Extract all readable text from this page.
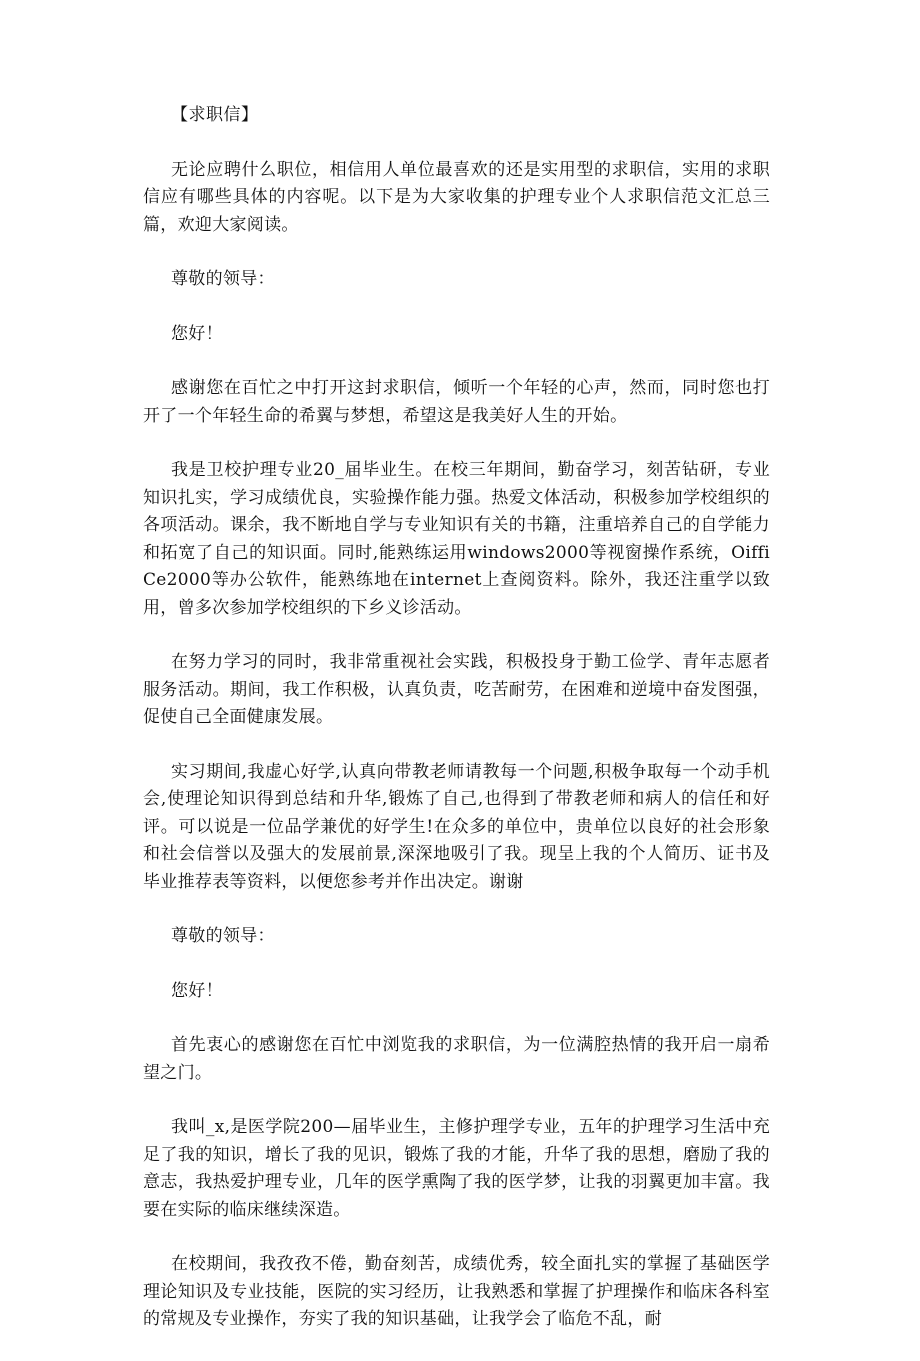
【求职信】

无论应聘什么职位，相信用人单位最喜欢的还是实用型的求职信，实用的求职信应有哪些具体的内容呢。以下是为大家收集的护理专业个人求职信范文汇总三篇，欢迎大家阅读。

尊敬的领导：

您好！

感谢您在百忙之中打开这封求职信，倾听一个年轻的心声，然而，同时您也打开了一个年轻生命的希翼与梦想，希望这是我美好人生的开始。

我是卫校护理专业20_届毕业生。在校三年期间，勤奋学习，刻苦钻研，专业知识扎实，学习成绩优良，实验操作能力强。热爱文体活动，积极参加学校组织的各项活动。课余，我不断地自学与专业知识有关的书籍，注重培养自己的自学能力和拓宽了自己的知识面。同时,能熟练运用windows2000等视窗操作系统，OiffiCe2000等办公软件，能熟练地在internet上查阅资料。除外，我还注重学以致用，曾多次参加学校组织的下乡义诊活动。

在努力学习的同时，我非常重视社会实践，积极投身于勤工俭学、青年志愿者服务活动。期间，我工作积极，认真负责，吃苦耐劳，在困难和逆境中奋发图强，促使自己全面健康发展。

实习期间,我虚心好学,认真向带教老师请教每一个问题,积极争取每一个动手机会,使理论知识得到总结和升华,锻炼了自己,也得到了带教老师和病人的信任和好评。可以说是一位品学兼优的好学生!在众多的单位中，贵单位以良好的社会形象和社会信誉以及强大的发展前景,深深地吸引了我。现呈上我的个人简历、证书及毕业推荐表等资料，以便您参考并作出决定。谢谢

尊敬的领导：

您好！

首先衷心的感谢您在百忙中浏览我的求职信，为一位满腔热情的我开启一扇希望之门。

我叫_x,是医学院200—届毕业生，主修护理学专业，五年的护理学习生活中充足了我的知识，增长了我的见识，锻炼了我的才能，升华了我的思想，磨励了我的意志，我热爱护理专业，几年的医学熏陶了我的医学梦，让我的羽翼更加丰富。我要在实际的临床继续深造。

在校期间，我孜孜不倦，勤奋刻苦，成绩优秀，较全面扎实的掌握了基础医学理论知识及专业技能，医院的实习经历，让我熟悉和掌握了护理操作和临床各科室的常规及专业操作，夯实了我的知识基础，让我学会了临危不乱，耐
